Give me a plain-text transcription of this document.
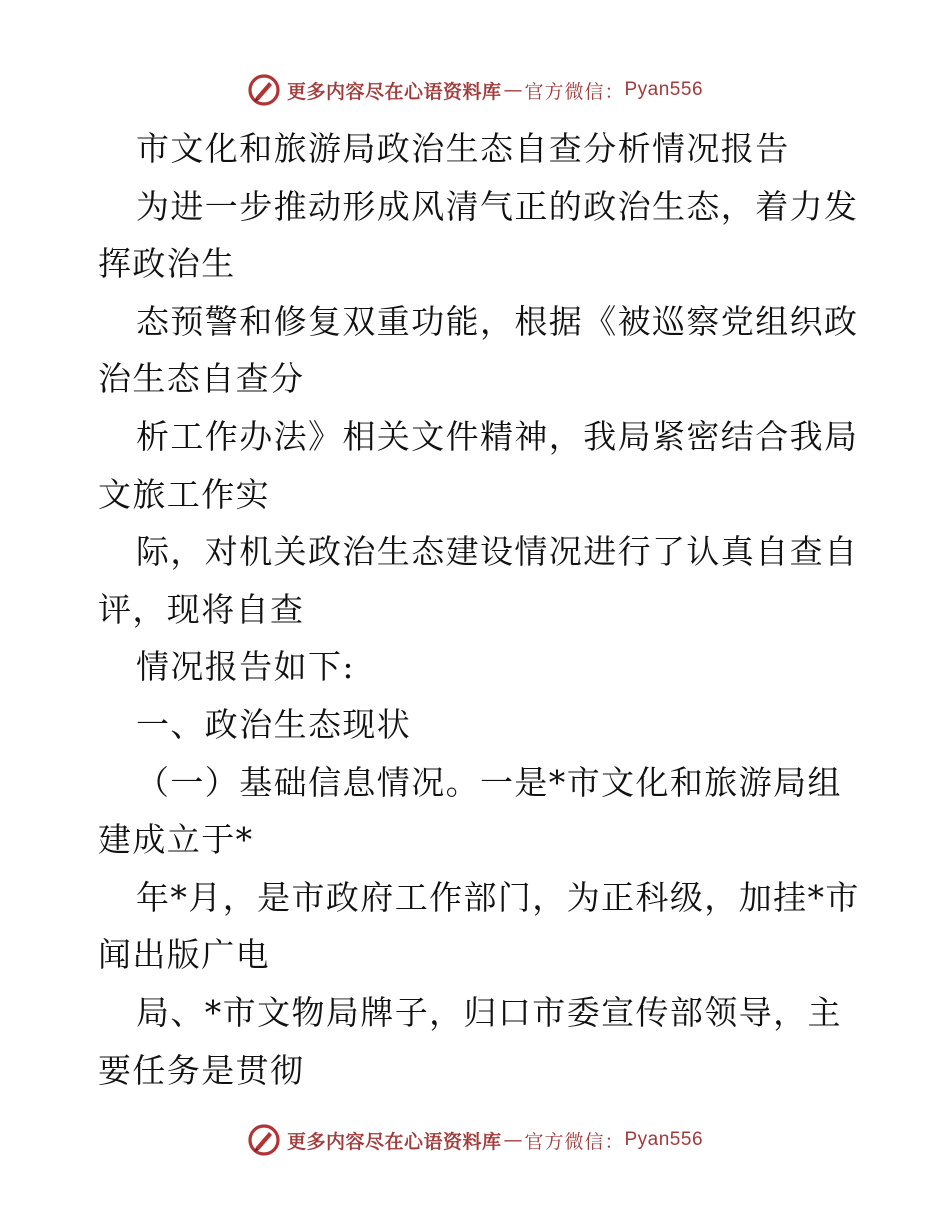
更多内容尽在心语资料库 — 官方微信： Pyan556

市文化和旅游局政治生态自查分析情况报告

为进一步推动形成风清气正的政治生态，着力发

挥政治生

态预警和修复双重功能，根据《被巡察党组织政

治生态自查分

析工作办法》相关文件精神，我局紧密结合我局

文旅工作实

际，对机关政治生态建设情况进行了认真自查自

评，现将自查

情况报告如下:

一、政治生态现状

（一）基础信息情况。一是*市文化和旅游局组

建成立于*

年*月，是市政府工作部门，为正科级，加挂*市

闻出版广电

局、*市文物局牌子，归口市委宣传部领导，主

要任务是贯彻

更多内容尽在心语资料库 — 官方微信： Pyan556
